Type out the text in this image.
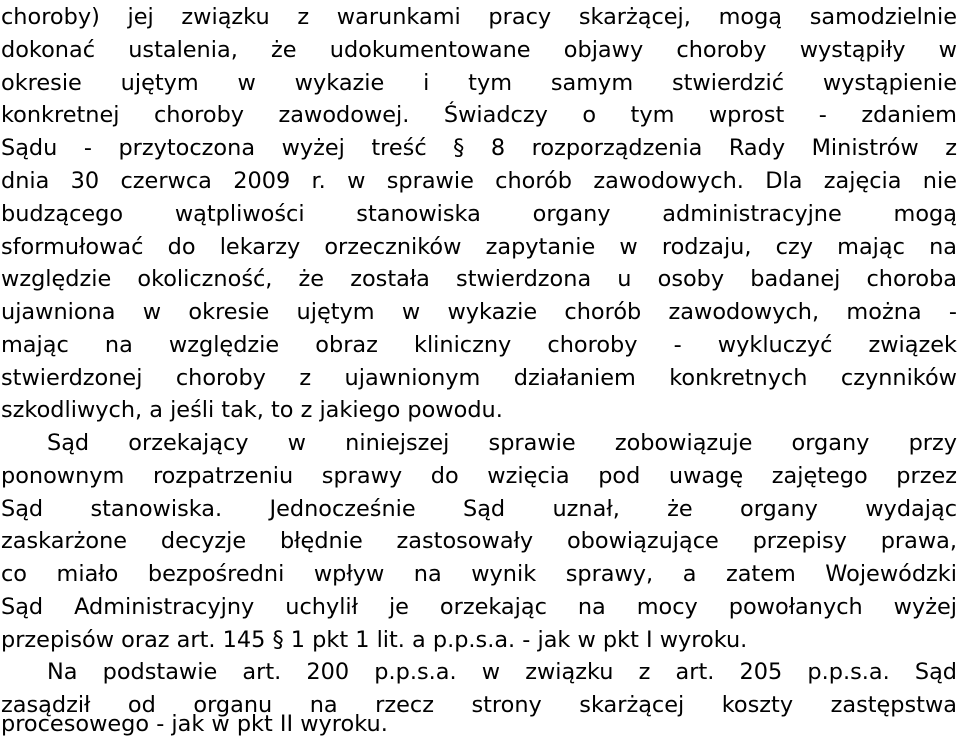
choroby) jej związku z warunkami pracy skarżącej, mogą samodzielnie

dokonać ustalenia, że udokumentowane objawy choroby wystąpiły w

okresie ujętym w wykazie i tym samym stwierdzić wystąpienie

konkretnej choroby zawodowej. Świadczy o tym wprost - zdaniem

Sądu - przytoczona wyżej treść § 8 rozporządzenia Rady Ministrów z

dnia 30 czerwca 2009 r. w sprawie chorób zawodowych. Dla zajęcia nie

budzącego wątpliwości stanowiska organy administracyjne mogą

sformułować do lekarzy orzeczników zapytanie w rodzaju, czy mając na

względzie okoliczność, że została stwierdzona u osoby badanej choroba

ujawniona w okresie ujętym w wykazie chorób zawodowych, można -

mając na względzie obraz kliniczny choroby - wykluczyć związek

stwierdzonej choroby z ujawnionym działaniem konkretnych czynników

szkodliwych, a jeśli tak, to z jakiego powodu.

Sąd orzekający w niniejszej sprawie zobowiązuje organy przy

ponownym rozpatrzeniu sprawy do wzięcia pod uwagę zajętego przez

Sąd stanowiska. Jednocześnie Sąd uznał, że organy wydając

zaskarżone decyzje błędnie zastosowały obowiązujące przepisy prawa,

co miało bezpośredni wpływ na wynik sprawy, a zatem Wojewódzki

Sąd Administracyjny uchylił je orzekając na mocy powołanych wyżej

przepisów oraz art. 145 § 1 pkt 1 lit. a p.p.s.a. - jak w pkt I wyroku.

Na podstawie art. 200 p.p.s.a. w związku z art. 205 p.p.s.a. Sąd

zasądził od organu na rzecz strony skarżącej koszty zastępstwa

procesowego - jak w pkt II wyroku.
